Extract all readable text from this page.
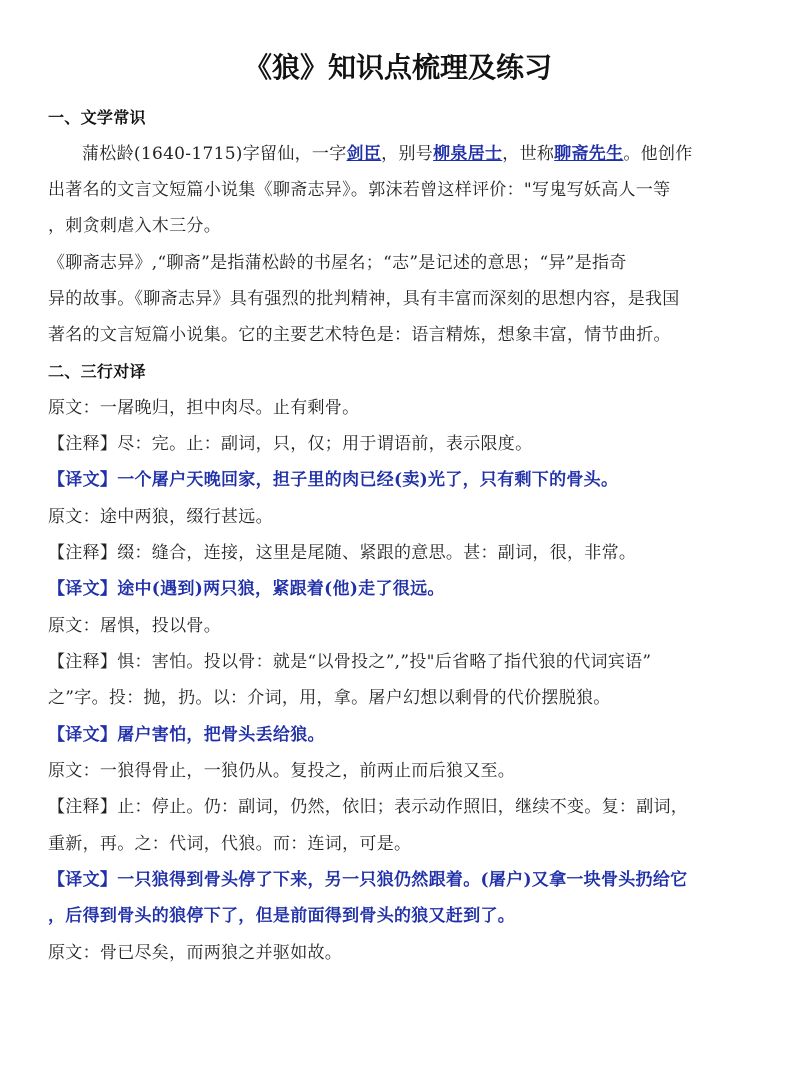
《狼》知识点梳理及练习
一、文学常识
蒲松龄(1640-1715)字留仙，一字剑臣，别号柳泉居士，世称聊斋先生。他创作
出著名的文言文短篇小说集《聊斋志异》。郭沫若曾这样评价："写鬼写妖高人一等
，刺贪刺虐入木三分。
《聊斋志异》,“聊斋”是指蒲松龄的书屋名；“志”是记述的意思；“异”是指奇
异的故事。《聊斋志异》具有强烈的批判精神，具有丰富而深刻的思想内容，是我国
著名的文言短篇小说集。它的主要艺术特色是：语言精炼，想象丰富，情节曲折。
二、三行对译
原文：一屠晚归，担中肉尽。止有剩骨。
【注释】尽：完。止：副词，只，仅；用于谓语前，表示限度。
【译文】一个屠户天晚回家，担子里的肉已经(卖)光了，只有剩下的骨头。
原文：途中两狼，缀行甚远。
【注释】缀：缝合，连接，这里是尾随、紧跟的意思。甚：副词，很，非常。
【译文】途中(遇到)两只狼，紧跟着(他)走了很远。
原文：屠惧，投以骨。
【注释】惧：害怕。投以骨：就是“以骨投之”,”投"后省略了指代狼的代词宾语”
之”字。投：抛，扔。以：介词，用，拿。屠户幻想以剩骨的代价摆脱狼。
【译文】屠户害怕，把骨头丢给狼。
原文：一狼得骨止，一狼仍从。复投之，前两止而后狼又至。
【注释】止：停止。仍：副词，仍然，依旧；表示动作照旧，继续不变。复：副词，
重新，再。之：代词，代狼。而：连词，可是。
【译文】一只狼得到骨头停了下来，另一只狼仍然跟着。(屠户)又拿一块骨头扔给它
，后得到骨头的狼停下了，但是前面得到骨头的狼又赶到了。
原文：骨已尽矣，而两狼之并驱如故。
